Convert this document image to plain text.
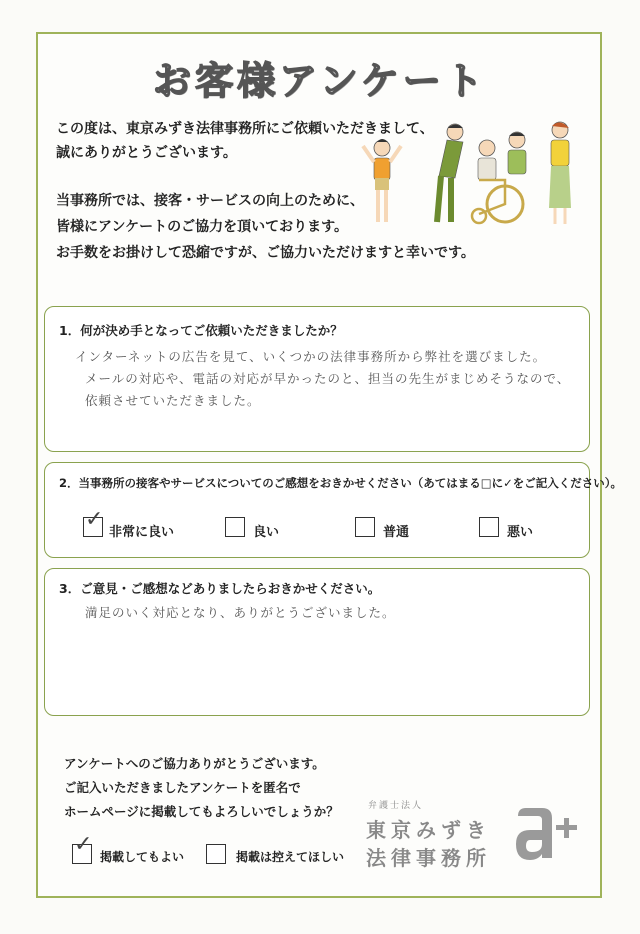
お客様アンケート
この度は、東京みずき法律事務所にご依頼いただきまして、
誠にありがとうございます。
当事務所では、接客・サービスの向上のために、
皆様にアンケートのご協力を頂いております。
お手数をお掛けして恐縮ですが、ご協力いただけますと幸いです。
1．何が決め手となってご依頼いただきましたか？
インターネットの広告を見て、いくつかの法律事務所から弊社を選びました。
メールの対応や、電話の対応が早かったのと、担当の先生がまじめそうなので、
依頼させていただきました。
2．当事務所の接客やサービスについてのご感想をおきかせください（あてはまる□に✓をご記入ください）。
✓
非常に良い	良い	普通	悪い
3．ご意見・ご感想などありましたらおきかせください。
満足のいく対応となり、ありがとうございました。
アンケートへのご協力ありがとうございます。
ご記入いただきましたアンケートを匿名で
ホームページに掲載してもよろしいでしょうか？
✓ 掲載してもよい	掲載は控えてほしい
弁護士法人
東京みずき
法律事務所
